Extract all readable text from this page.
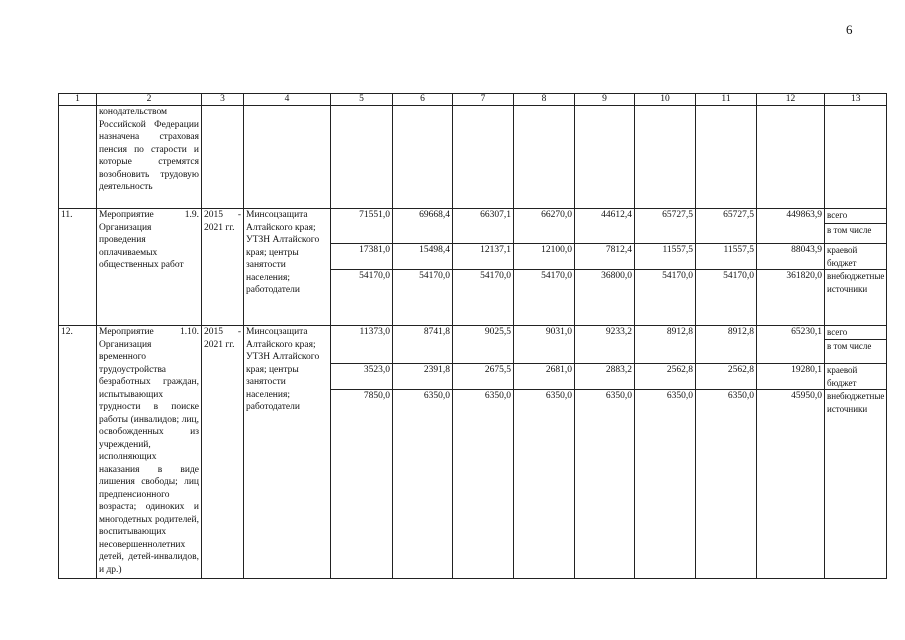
6
1	2	3	4	5	6	7	8	9	10	11	12	13
	конодательством Российской Федерации назначена страховая пенсия по старости и которые стремятся возобновить трудовую деятельность											
11.	Мероприятие 1.9. Организация проведения оплачиваемых общественных работ	2015 - 2021 гг.	Минсоцзащита Алтайского края; УТЗН Алтайского края; центры занятости населения; работодатели	71551,0	69668,4	66307,1	66270,0	44612,4	65727,5	65727,5	449863,9	всего
												в том числе
				17381,0	15498,4	12137,1	12100,0	7812,4	11557,5	11557,5	88043,9	краевой бюджет
				54170,0	54170,0	54170,0	54170,0	36800,0	54170,0	54170,0	361820,0	внебюджетные источники
12.	Мероприятие 1.10. Организация временного трудоустройства безработных граждан, испытывающих трудности в поиске работы (инвалидов; лиц, освобожденных из учреждений, исполняющих наказания в виде лишения свободы; лиц предпенсионного возраста; одиноких и многодетных родителей, воспитывающих несовершеннолетних детей, детей-инвалидов, и др.)	2015 - 2021 гг.	Минсоцзащита Алтайского края; УТЗН Алтайского края; центры занятости населения; работодатели	11373,0	8741,8	9025,5	9031,0	9233,2	8912,8	8912,8	65230,1	всего
												в том числе
				3523,0	2391,8	2675,5	2681,0	2883,2	2562,8	2562,8	19280,1	краевой бюджет
				7850,0	6350,0	6350,0	6350,0	6350,0	6350,0	6350,0	45950,0	внебюджетные источники
